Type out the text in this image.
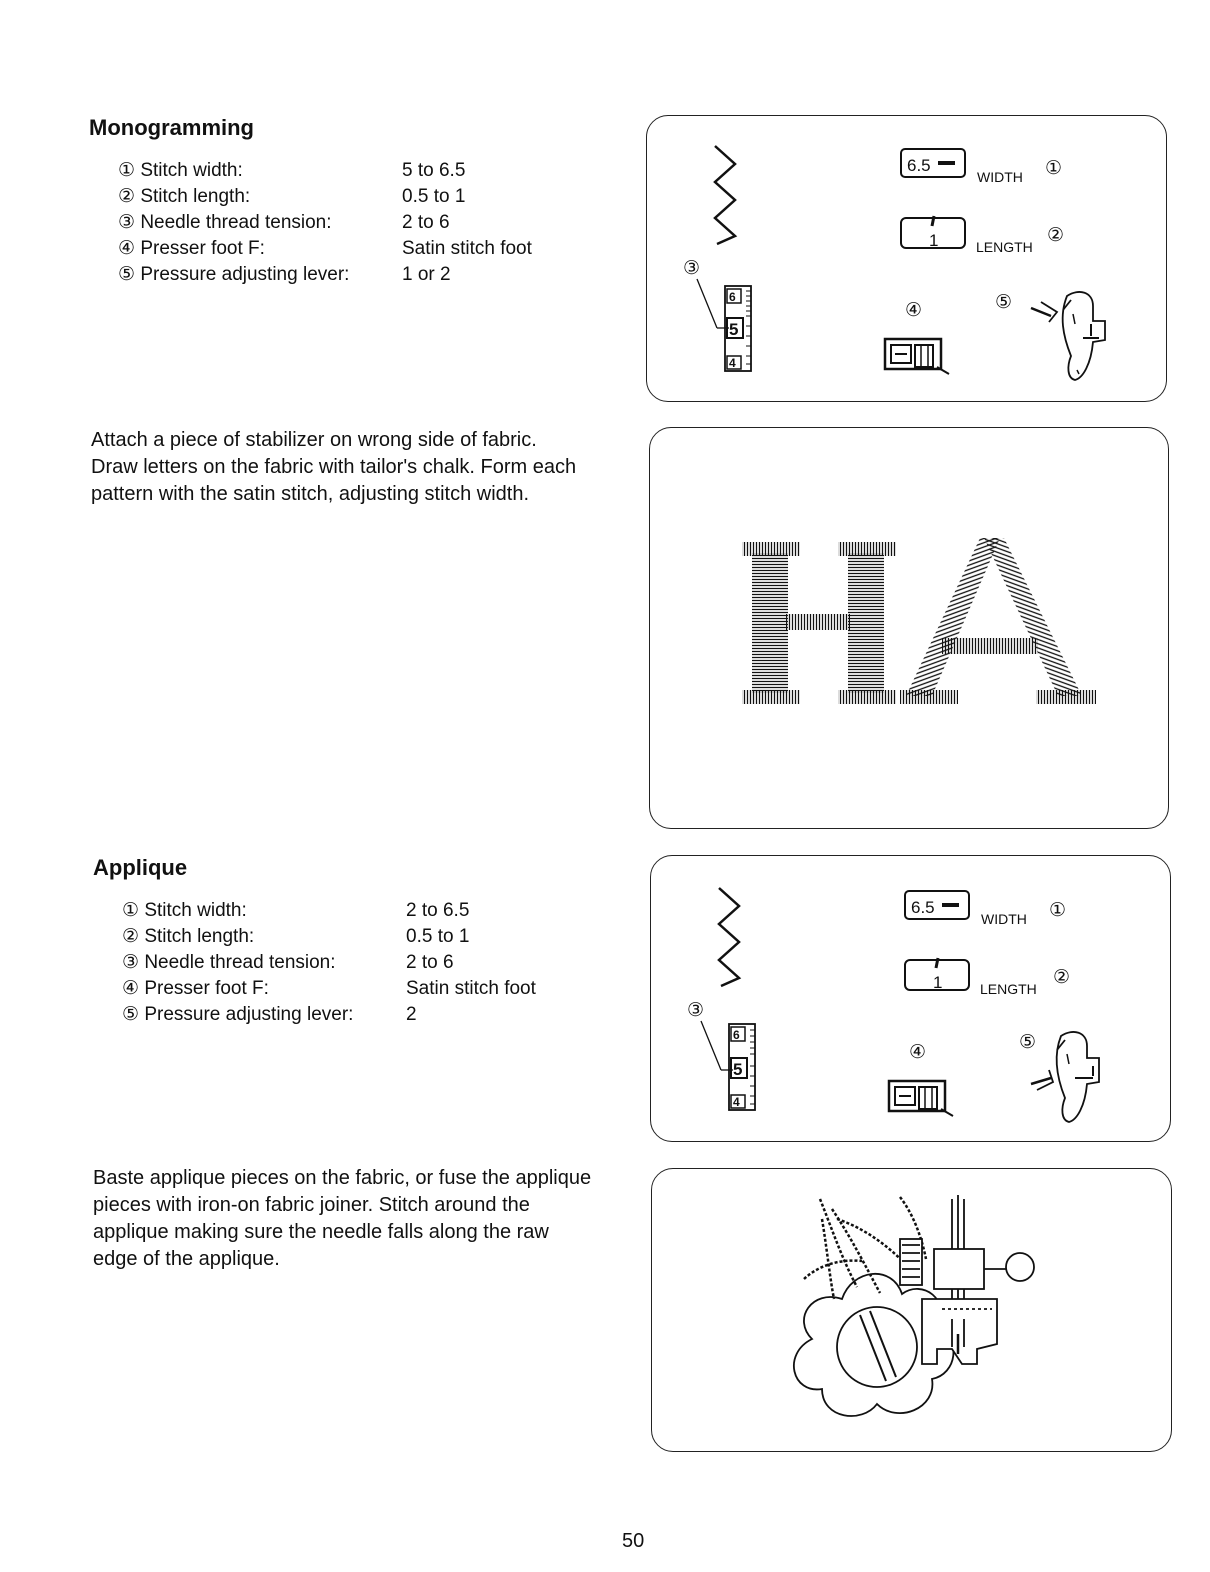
Monogramming
① Stitch width:	5 to 6.5
② Stitch length:	0.5 to 1
③ Needle thread tension:	2 to 6
④ Presser foot F:	Satin stitch foot
⑤ Pressure adjusting lever:	1 or 2
Attach a piece of stabilizer on wrong side of fabric.
Draw letters on the fabric with tailor's chalk. Form each pattern with the satin stitch, adjusting stitch width.
6.5
WIDTH ①
1	LENGTH
②
③
6
5
4
④	⑤
Applique
① Stitch width:	2 to 6.5
② Stitch length:	0.5 to 1
③ Needle thread tension:	2 to 6
④ Presser foot F:	Satin stitch foot
⑤ Pressure adjusting lever:	2
Baste applique pieces on the fabric, or fuse the applique pieces with iron-on fabric joiner. Stitch around the applique making sure the needle falls along the raw edge of the applique.
6.5
WIDTH ①
1	LENGTH
②
③
6
5
4
④	⑤
50
